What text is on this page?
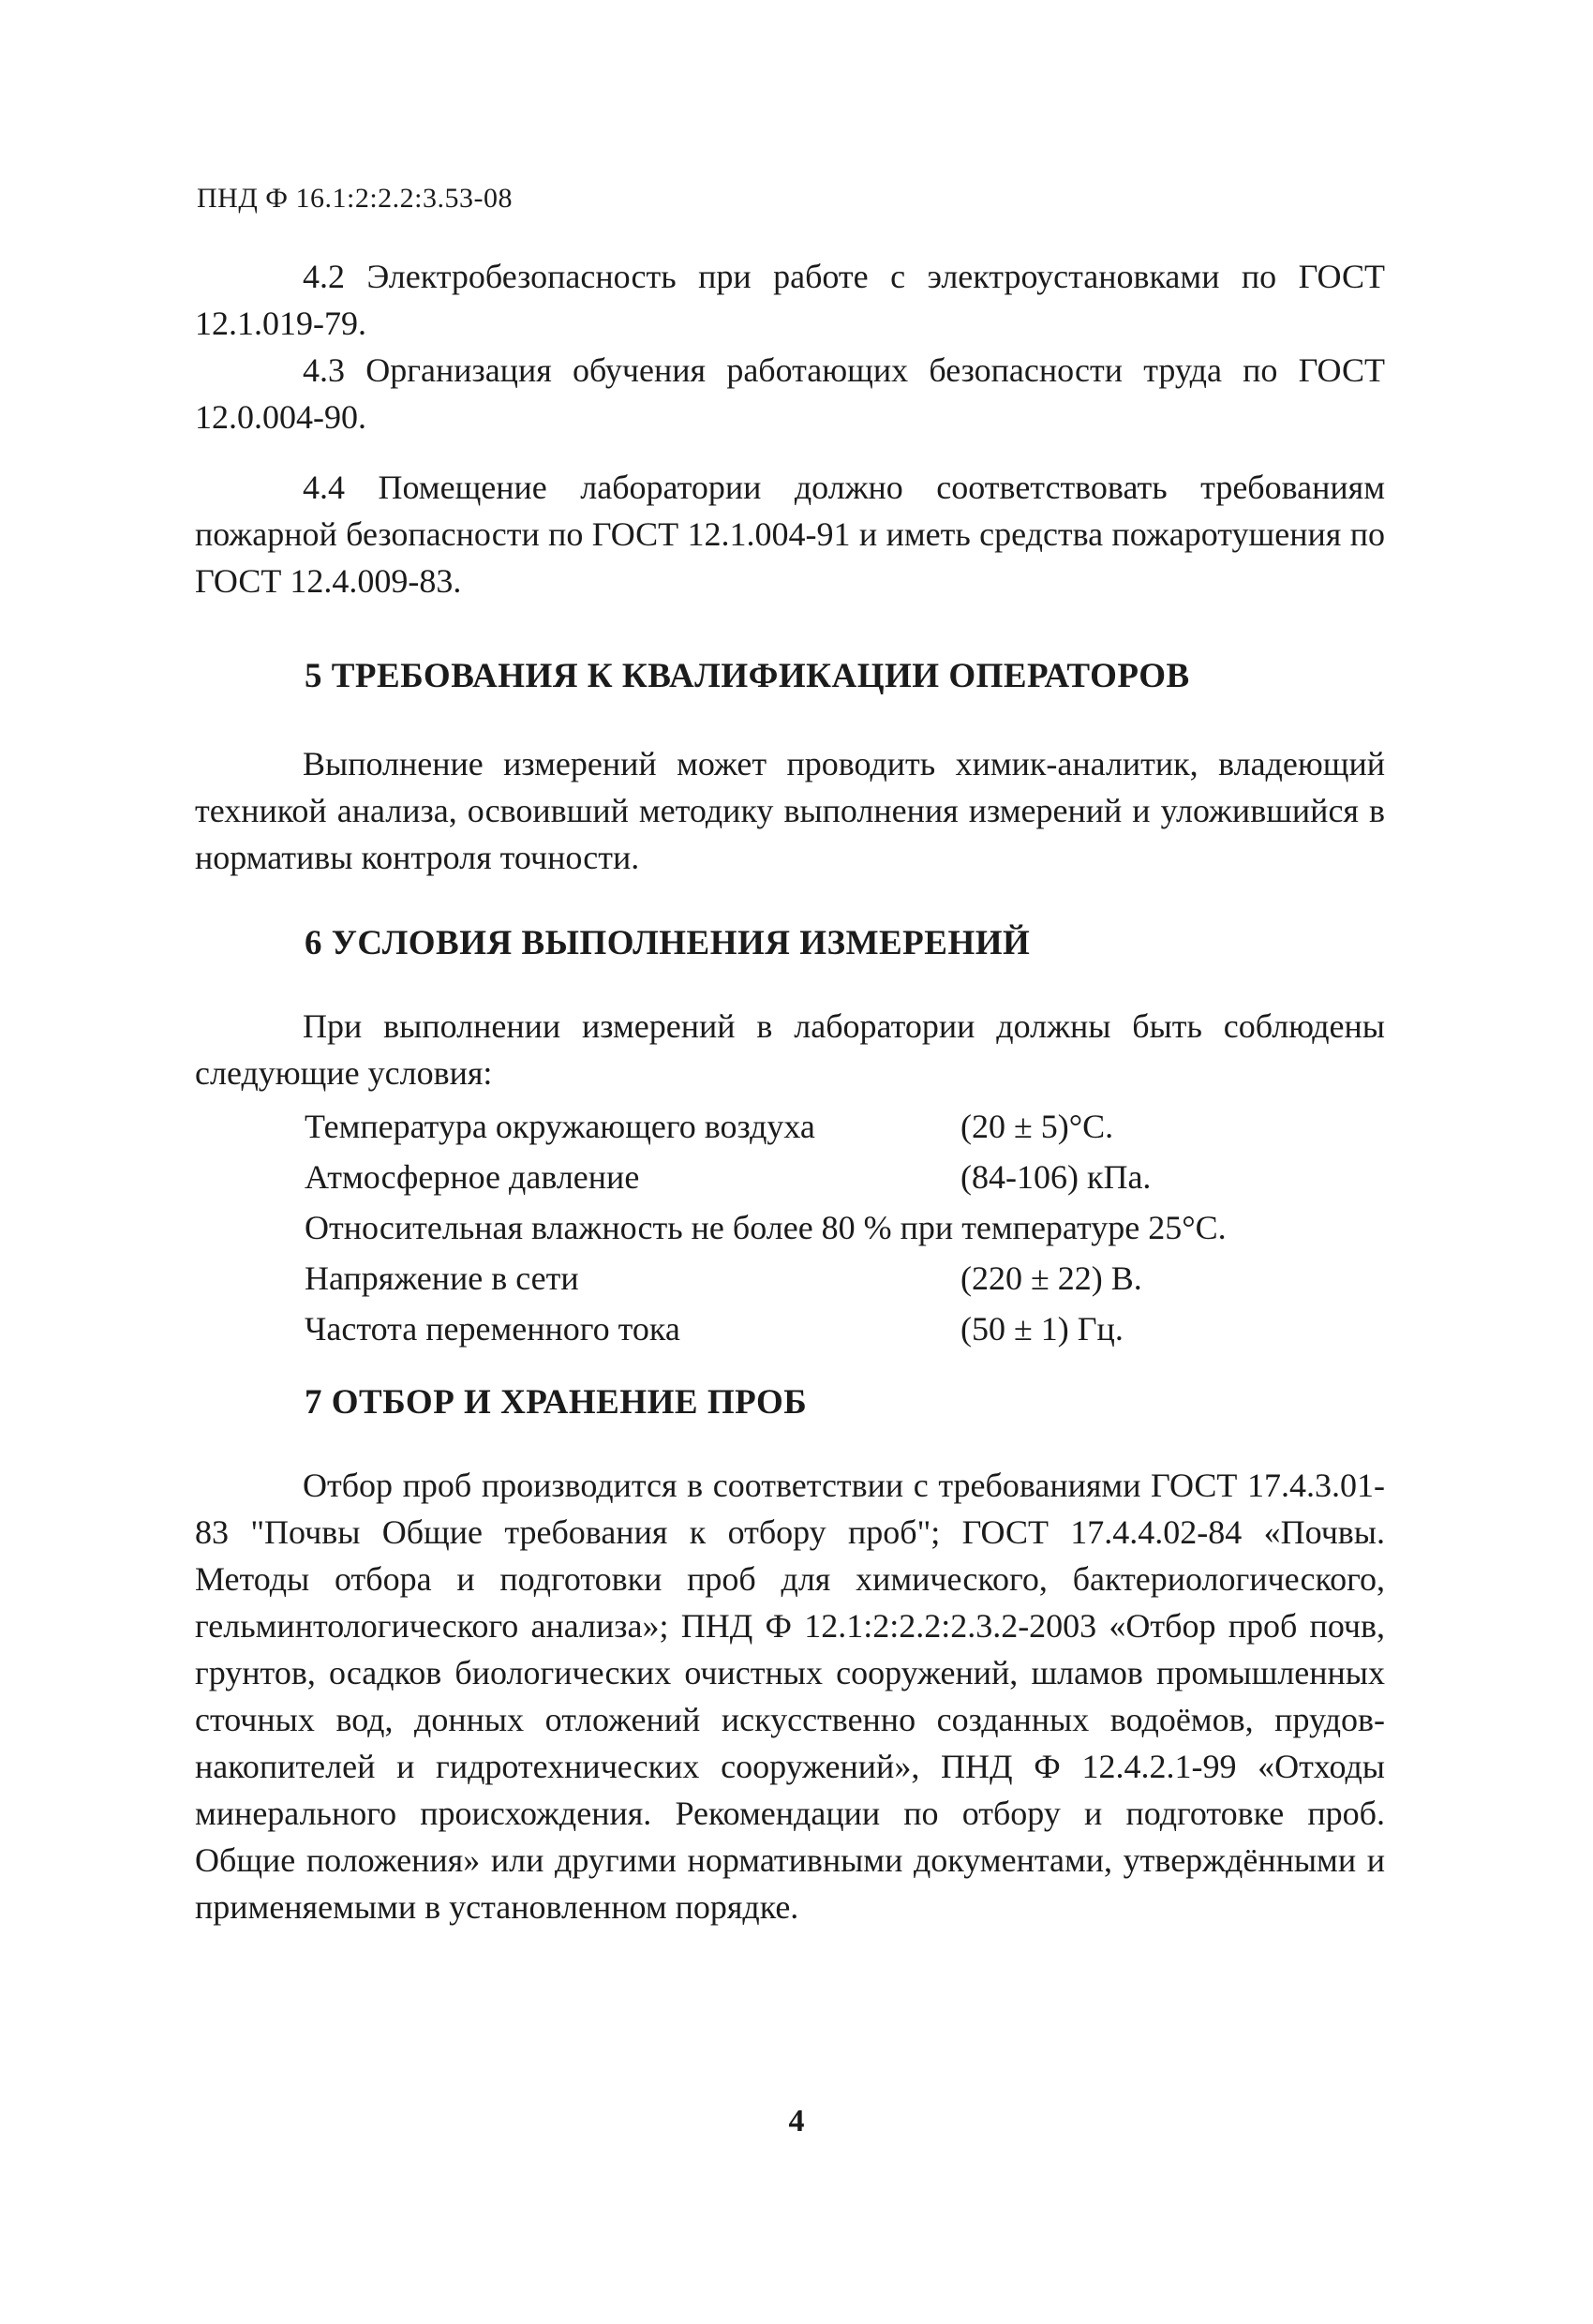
ПНД Ф 16.1:2:2.2:3.53-08

4.2 Электробезопасность при работе с электроустановками по ГОСТ 12.1.019-79.

4.3 Организация обучения работающих безопасности труда по ГОСТ 12.0.004-90.

4.4 Помещение лаборатории должно соответствовать требованиям пожарной безопасности по ГОСТ 12.1.004-91 и иметь средства пожаротушения по ГОСТ 12.4.009-83.

5 ТРЕБОВАНИЯ К КВАЛИФИКАЦИИ ОПЕРАТОРОВ

Выполнение измерений может проводить химик-аналитик, владеющий техникой анализа, освоивший методику выполнения измерений и уложившийся в нормативы контроля точности.

6 УСЛОВИЯ ВЫПОЛНЕНИЯ ИЗМЕРЕНИЙ

При выполнении измерений в лаборатории должны быть соблюдены следующие условия:

Температура окружающего воздуха	(20 ± 5)°С.
Атмосферное давление	(84-106) кПа.
Относительная влажность не более 80 % при температуре 25°С.
Напряжение в сети	(220 ± 22) В.
Частота переменного тока	(50 ± 1) Гц.
7 ОТБОР И ХРАНЕНИЕ ПРОБ

Отбор проб производится в соответствии с требованиями ГОСТ 17.4.3.01-83 "Почвы Общие требования к отбору проб"; ГОСТ 17.4.4.02-84 «Почвы. Методы отбора и подготовки проб для химического, бактериологического, гельминтологического анализа»; ПНД Ф 12.1:2:2.2:2.3.2-2003 «Отбор проб почв, грунтов, осадков биологических очистных сооружений, шламов промышленных сточных вод, донных отложений искусственно созданных водоёмов, прудов-накопителей и гидротехнических сооружений», ПНД Ф 12.4.2.1-99 «Отходы минерального происхождения. Рекомендации по отбору и подготовке проб. Общие положения» или другими нормативными документами, утверждёнными и применяемыми в установленном порядке.

4
